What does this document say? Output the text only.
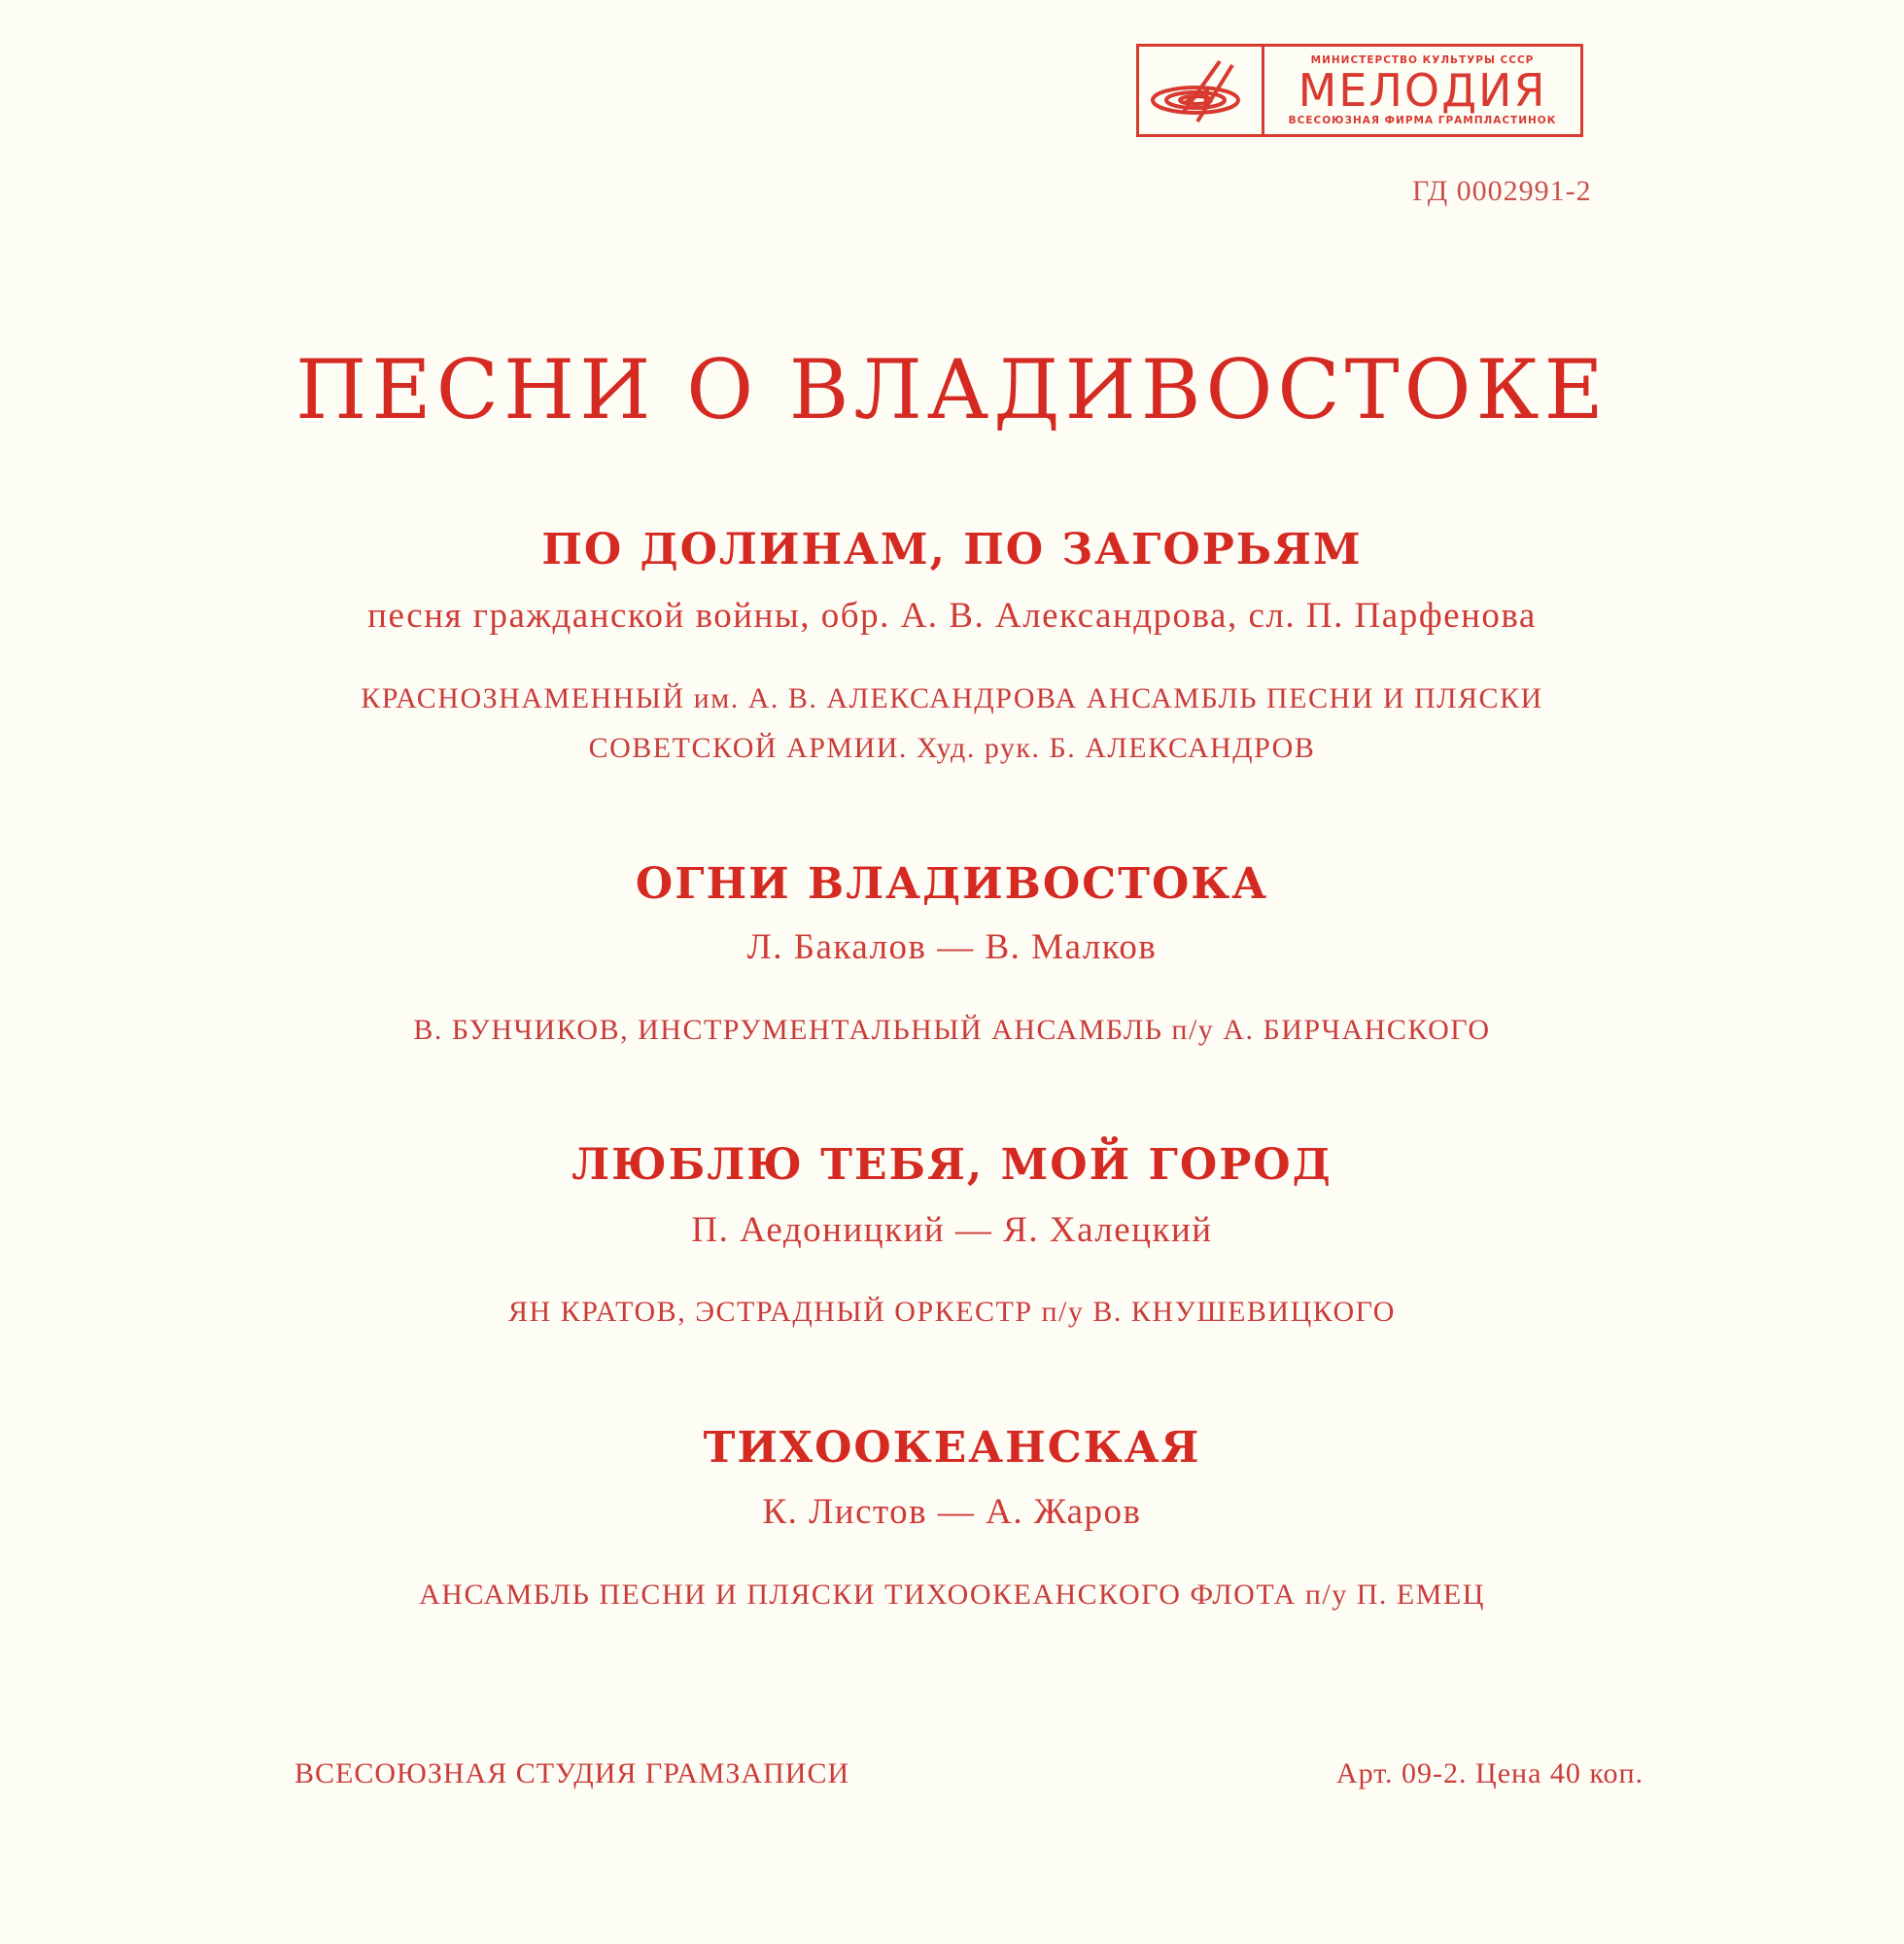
МИНИСТЕРСТВО КУЛЬТУРЫ СССР
МЕЛОДИЯ
ВСЕСОЮЗНАЯ ФИРМА ГРАМПЛАСТИНОК
ГД 0002991-2
ПЕСНИ О ВЛАДИВОСТОКЕ
ПО ДОЛИНАМ, ПО ЗАГОРЬЯМ
песня гражданской войны, обр. А. В. Александрова, сл. П. Парфенова
КРАСНОЗНАМЕННЫЙ им. А. В. АЛЕКСАНДРОВА АНСАМБЛЬ ПЕСНИ И ПЛЯСКИ
СОВЕТСКОЙ АРМИИ. Худ. рук. Б. АЛЕКСАНДРОВ
ОГНИ ВЛАДИВОСТОКА
Л. Бакалов — В. Малков
В. БУНЧИКОВ, ИНСТРУМЕНТАЛЬНЫЙ АНСАМБЛЬ п/у А. БИРЧАНСКОГО
ЛЮБЛЮ ТЕБЯ, МОЙ ГОРОД
П. Аедоницкий — Я. Халецкий
ЯН КРАТОВ, ЭСТРАДНЫЙ ОРКЕСТР п/у В. КНУШЕВИЦКОГО
ТИХООКЕАНСКАЯ
К. Листов — А. Жаров
АНСАМБЛЬ ПЕСНИ И ПЛЯСКИ ТИХООКЕАНСКОГО ФЛОТА п/у П. ЕМЕЦ
ВСЕСОЮЗНАЯ СТУДИЯ ГРАМЗАПИСИ	Арт. 09-2. Цена 40 коп.
